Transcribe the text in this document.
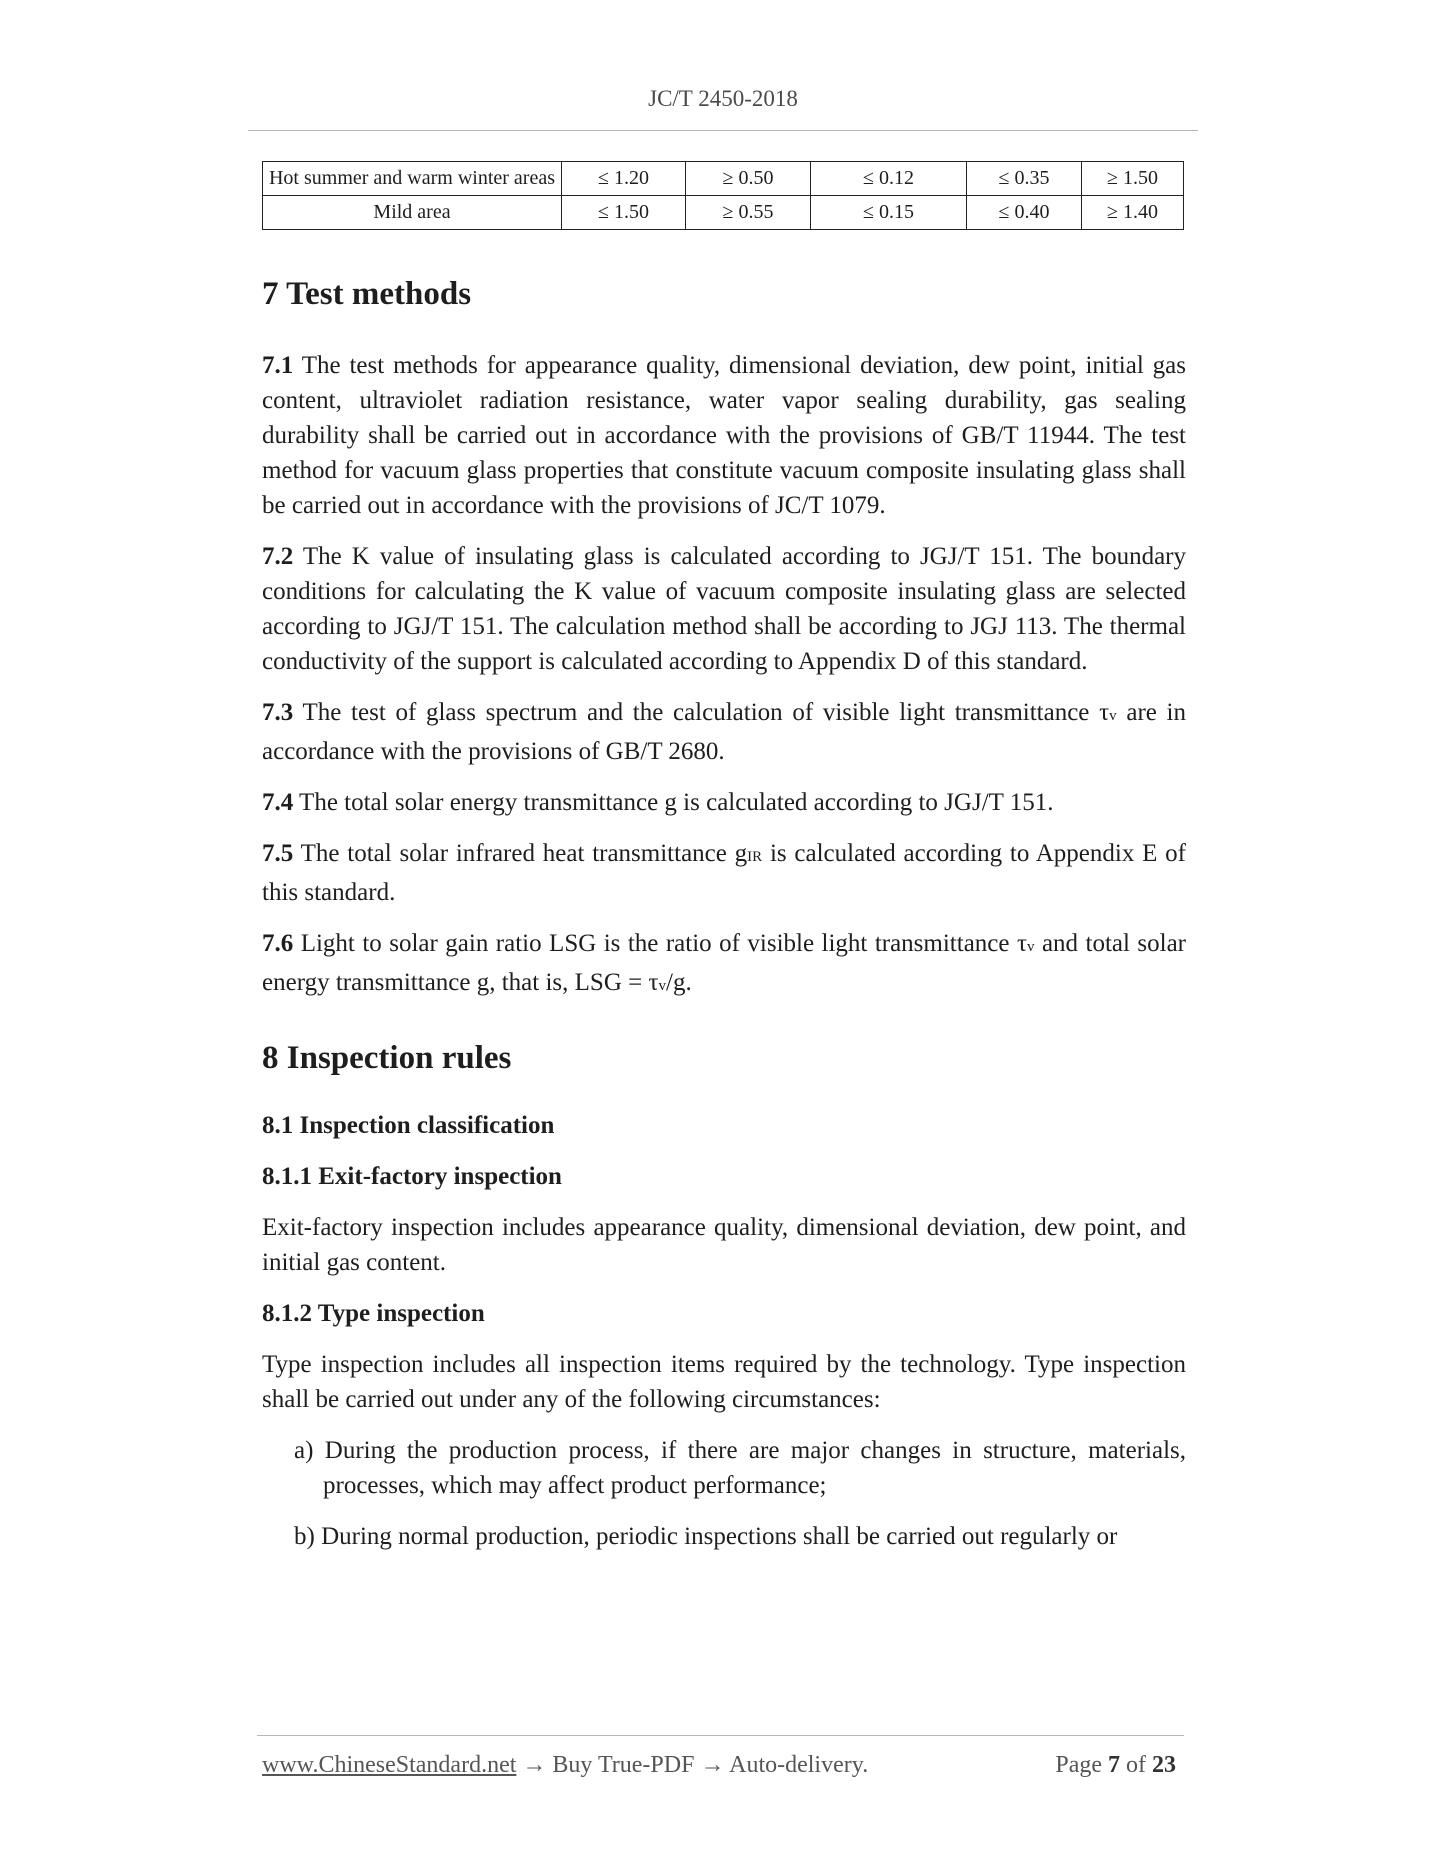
JC/T 2450-2018
Hot summer and warm winter areas	≤ 1.20	≥ 0.50	≤ 0.12	≤ 0.35	≥ 1.50
Mild area	≤ 1.50	≥ 0.55	≤ 0.15	≤ 0.40	≥ 1.40
7 Test methods

7.1 The test methods for appearance quality, dimensional deviation, dew point, initial gas content, ultraviolet radiation resistance, water vapor sealing durability, gas sealing durability shall be carried out in accordance with the provisions of GB/T 11944. The test method for vacuum glass properties that constitute vacuum composite insulating glass shall be carried out in accordance with the provisions of JC/T 1079.

7.2 The K value of insulating glass is calculated according to JGJ/T 151. The boundary conditions for calculating the K value of vacuum composite insulating glass are selected according to JGJ/T 151. The calculation method shall be according to JGJ 113. The thermal conductivity of the support is calculated according to Appendix D of this standard.

7.3 The test of glass spectrum and the calculation of visible light transmittance τv are in accordance with the provisions of GB/T 2680.

7.4 The total solar energy transmittance g is calculated according to JGJ/T 151.

7.5 The total solar infrared heat transmittance gIR is calculated according to Appendix E of this standard.

7.6 Light to solar gain ratio LSG is the ratio of visible light transmittance τv and total solar energy transmittance g, that is, LSG = τv/g.

8 Inspection rules
8.1 Inspection classification
8.1.1 Exit-factory inspection

Exit-factory inspection includes appearance quality, dimensional deviation, dew point, and initial gas content.

8.1.2 Type inspection

Type inspection includes all inspection items required by the technology. Type inspection shall be carried out under any of the following circumstances:

a) During the production process, if there are major changes in structure, materials, processes, which may affect product performance;

b) During normal production, periodic inspections shall be carried out regularly or

www.ChineseStandard.net → Buy True-PDF → Auto-delivery.	Page 7 of 23
